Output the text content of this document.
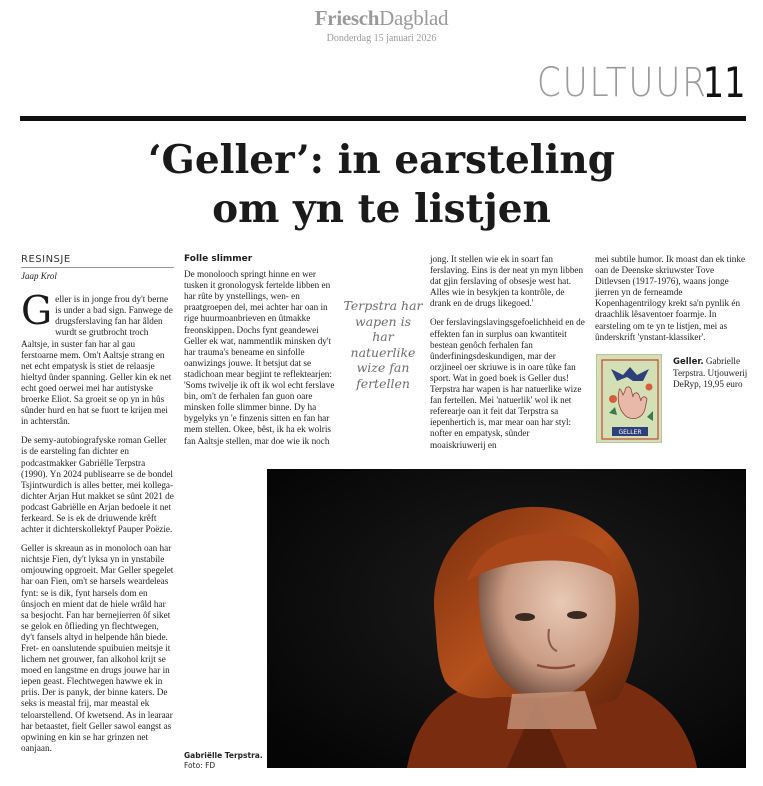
FrieschDagblad
Donderdag 15 januari 2026
CULTUUR
11
‘Geller’: in earsteling
om yn te listjen
RESINSJE
Jaap Krol

Geller is in jonge frou dy't berne is under a bad sign. Fanwege de drugsferslaving fan har âlden wurdt se grutbrocht troch Aaltsje, in suster fan har al gau ferstoarne mem. Om't Aaltsje strang en net echt empatysk is stiet de relaasje hieltyd ûnder spanning. Geller kin ek net echt goed oerwei mei har autistyske broerke Eliot. Sa groeit se op yn in hûs sûnder hurd en hat se fuort te krijen mei in achterstân.

De semy-autobiografyske roman Geller is de earsteling fan dichter en podcastmakker Gabriëlle Terpstra (1990). Yn 2024 publisearre se de bondel Tsjintwurdich is alles better, mei kollega-dichter Arjan Hut makket se sûnt 2021 de podcast Gabriëlle en Arjan bedoele it net ferkeard. Se is ek de driuwende krêft achter it dichterskollektyf Pauper Poëzie.

Geller is skreaun as in monoloch oan har nichtsje Fien, dy't lyksa yn in ynstabile omjouwing opgroeit. Mar Geller spegelet har oan Fien, om't se harsels weardeleas fynt: se is dik, fynt harsels dom en ûnsjoch en mient dat de hiele wrâld har sa besjocht. Fan har bernejierren ôf siket se gelok en ôflieding yn flechtwegen, dy't fansels altyd in helpende hân biede. Fret- en oanslutende spuibuien meitsje it lichem net grouwer, fan alkohol krijt se moed en langstme en drugs jouwe har in iepen geast. Flechtwegen hawwe ek in priis. Der is panyk, der binne katers. De seks is meastal frij, mar meastal ek teloarstellend. Of kwetsend. As in learaar har betaastet, fielt Geller sawol eangst as opwining en kin se har grinzen net oanjaan.

Folle slimmer

De monolooch springt hinne en wer tusken it gronologysk fertelde libben en har rûte by ynstellings, wen- en praatgroepen del, mei achter har oan in rige huurmoanbrieven en ûtmakke freonskippen. Dochs fynt geandewei Geller ek wat, nammentlik minsken dy't har trauma's beneame en sinfolle oanwizings jouwe. It betsjut dat se stadichoan mear begjint te reflektearjen: 'Soms twivelje ik oft ik wol echt ferslave bin, om't de ferhalen fan guon oare minsken folle slimmer binne. Dy ha bygelyks yn 'e finzenis sitten en fan har mem stellen. Okee, bêst, ik ha ek wolris fan Aaltsje stellen, mar doe wie ik noch

Terpstra har wapen is har natuerlike wize fan fertellen

jong. It stellen wie ek in soart fan ferslaving. Eins is der neat yn myn libben dat gjin ferslaving of obsesje west hat. Alles wie in besykjen ta kontrôle, de drank en de drugs likegoed.'

Oer ferslavingslavingsgefoelichheid en de effekten fan in surplus oan kwantiteit bestean genôch ferhalen fan ûnderfiningsdeskundigen, mar der orzjineel oer skriuwe is in oare tûke fan sport. Wat in goed boek is Geller dus! Terpstra har wapen is har natuerlike wize fan fertellen. Mei 'natuerlik' wol ik net referearje oan it feit dat Terpstra sa iepenhertich is, mar mear oan har styl: nofter en empatysk, sûnder moaiskriuwerij en

mei subtile humor. Ik moast dan ek tinke oan de Deenske skriuwster Tove Ditlevsen (1917-1976), waans jonge jierren yn de ferneamde Kopenhagentrilogy krekt sa'n pynlik én draachlik lêsaventoer foarmje. In earsteling om te yn te listjen, mei as ûnderskrift 'ynstant-klassiker'.

GELLER
Geller. Gabrielle Terpstra. Utjouwerij DeRyp, 19,95 euro
Gabriëlle Terpstra.
Foto: FD
